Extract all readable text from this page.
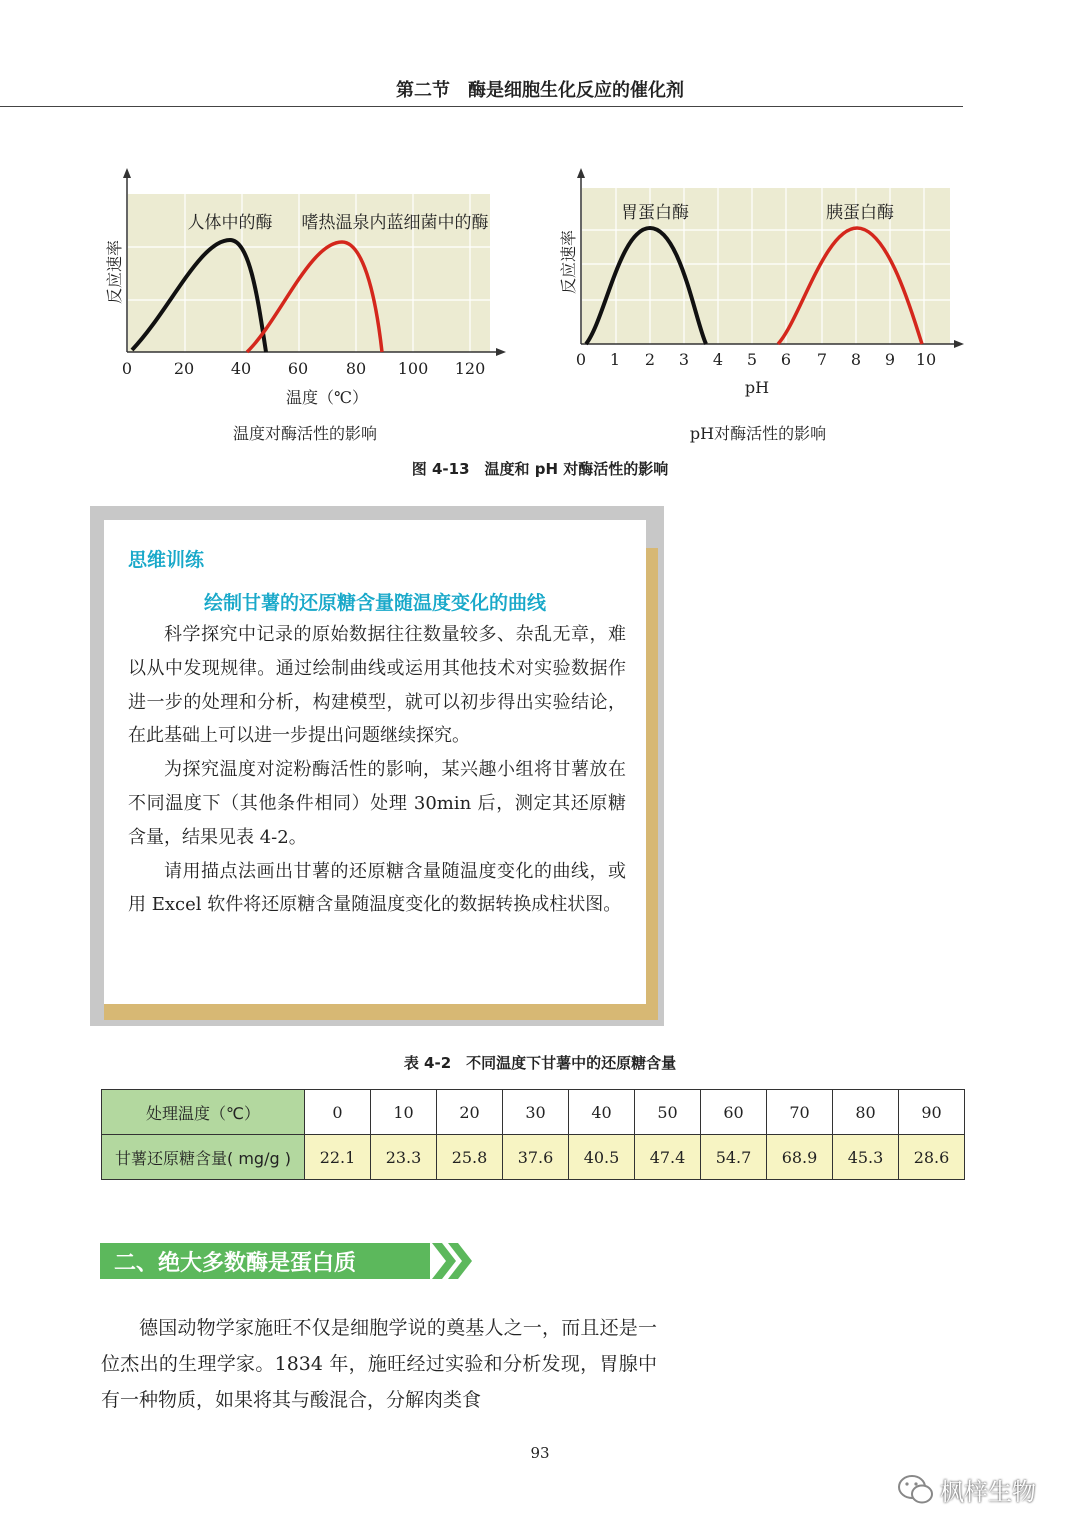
第二节　酶是细胞生化反应的催化剂
0	20 40 60 80 100 120
人体中的酶 嗜热温泉内蓝细菌中的酶
温度（℃）
反应速率
温度对酶活性的影响
0 1 2 3 4 5 6 7 8 9 10
胃蛋白酶	胰蛋白酶
pH
反应速率
pH对酶活性的影响
图 4-13　温度和 pH 对酶活性的影响
思维训练
绘制甘薯的还原糖含量随温度变化的曲线

科学探究中记录的原始数据往往数量较多、杂乱无章，难以从中发现规律。通过绘制曲线或运用其他技术对实验数据作进一步的处理和分析，构建模型，就可以初步得出实验结论，在此基础上可以进一步提出问题继续探究。

为探究温度对淀粉酶活性的影响，某兴趣小组将甘薯放在不同温度下（其他条件相同）处理 30min 后，测定其还原糖含量，结果见表 4-2。

请用描点法画出甘薯的还原糖含量随温度变化的曲线，或用 Excel 软件将还原糖含量随温度变化的数据转换成柱状图。

表 4-2　不同温度下甘薯中的还原糖含量
处理温度（℃）	0	10	20	30	40	50	60	70	80	90
甘薯还原糖含量( mg/g )	22.1	23.3	25.8	37.6	40.5	47.4	54.7	68.9	45.3	28.6
二、绝大多数酶是蛋白质

德国动物学家施旺不仅是细胞学说的奠基人之一，而且还是一位杰出的生理学家。1834 年，施旺经过实验和分析发现，胃腺中有一种物质，如果将其与酸混合，分解肉类食

93
枫梓生物
